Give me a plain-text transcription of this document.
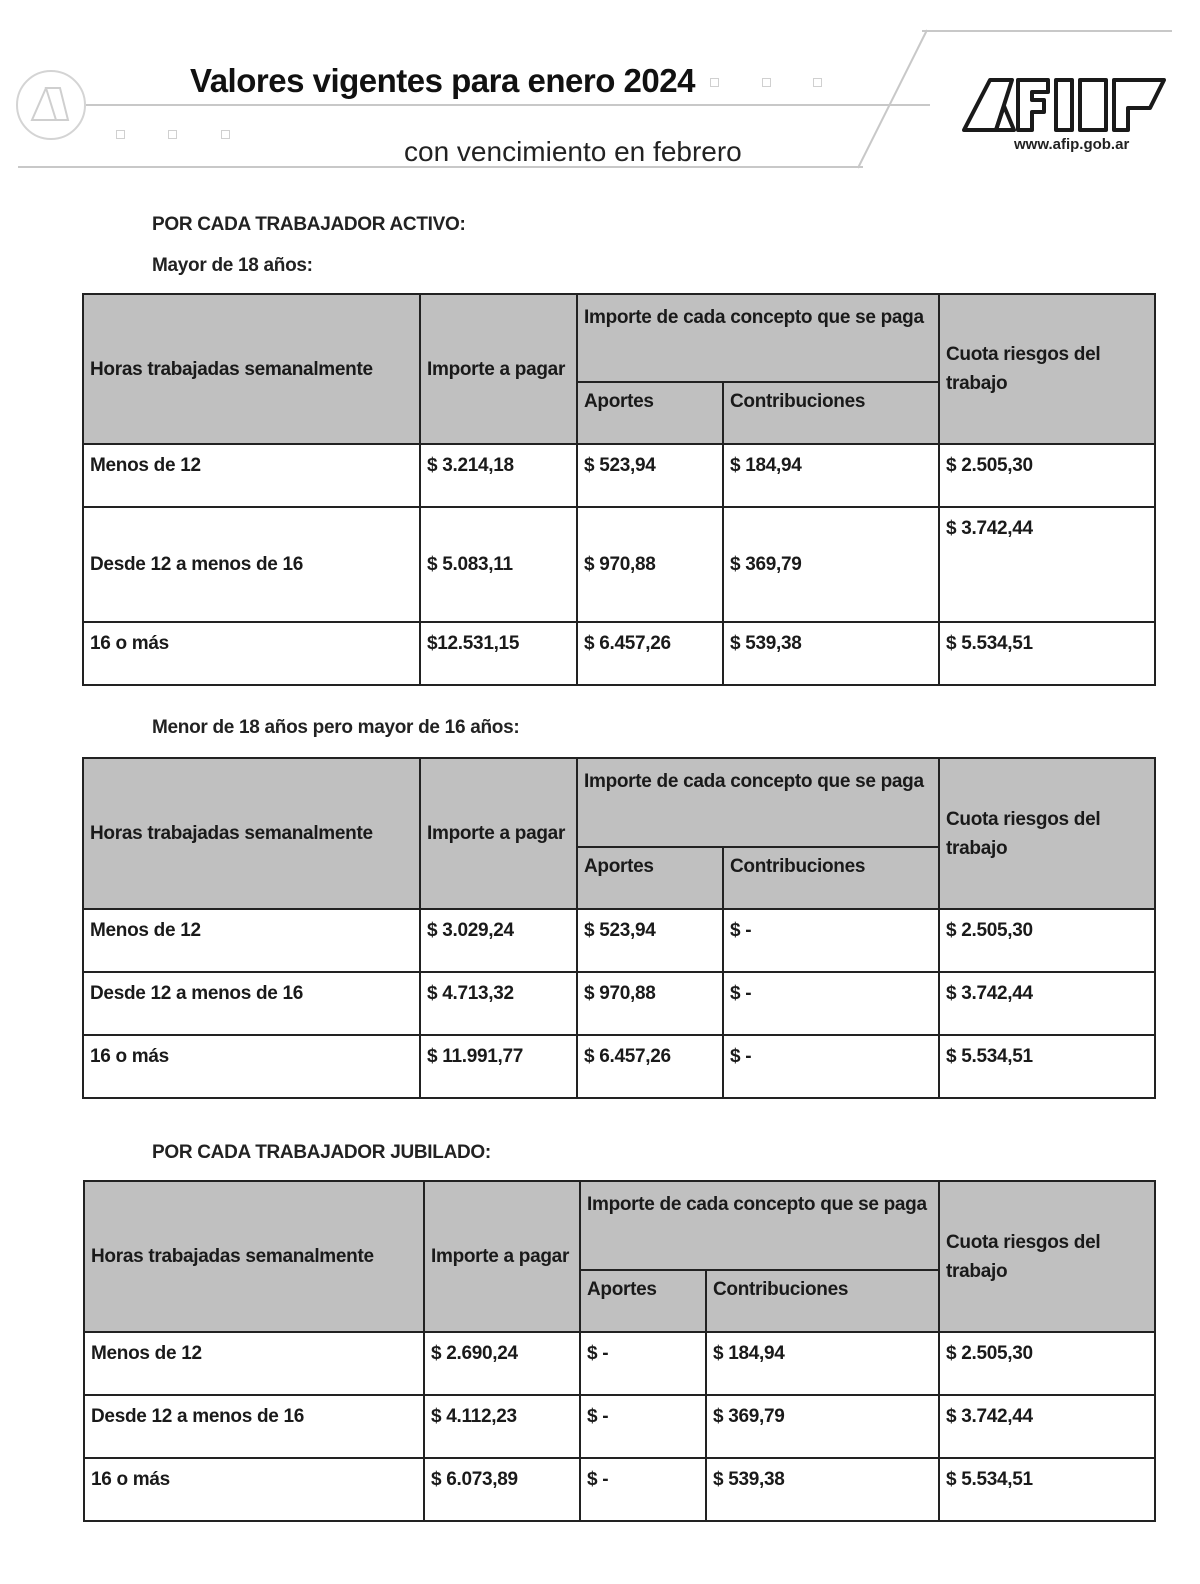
Valores vigentes para enero 2024
con vencimiento en febrero	www.afip.gob.ar
POR CADA TRABAJADOR ACTIVO:
Mayor de 18 años:
Horas trabajadas semanalmente	Importe a pagar	Importe de cada concepto que se paga		Cuota riesgos del trabajo
		Aportes	Contribuciones	
Menos de 12	$ 3.214,18	$ 523,94	$ 184,94	$ 2.505,30
Desde 12 a menos de 16	$ 5.083,11	$ 970,88	$ 369,79	$ 3.742,44
16 o más	$12.531,15	$ 6.457,26	$ 539,38	$ 5.534,51
Menor de 18 años pero mayor de 16 años:
Horas trabajadas semanalmente	Importe a pagar	Importe de cada concepto que se paga		Cuota riesgos del trabajo
		Aportes	Contribuciones	
Menos de 12	$ 3.029,24	$ 523,94	$ -	$ 2.505,30
Desde 12 a menos de 16	$ 4.713,32	$ 970,88	$ -	$ 3.742,44
16 o más	$ 11.991,77	$ 6.457,26	$ -	$ 5.534,51
POR CADA TRABAJADOR JUBILADO:
Horas trabajadas semanalmente	Importe a pagar	Importe de cada concepto que se paga		Cuota riesgos del trabajo
		Aportes	Contribuciones	
Menos de 12	$ 2.690,24	$ -	$ 184,94	$ 2.505,30
Desde 12 a menos de 16	$ 4.112,23	$ -	$ 369,79	$ 3.742,44
16 o más	$ 6.073,89	$ -	$ 539,38	$ 5.534,51
